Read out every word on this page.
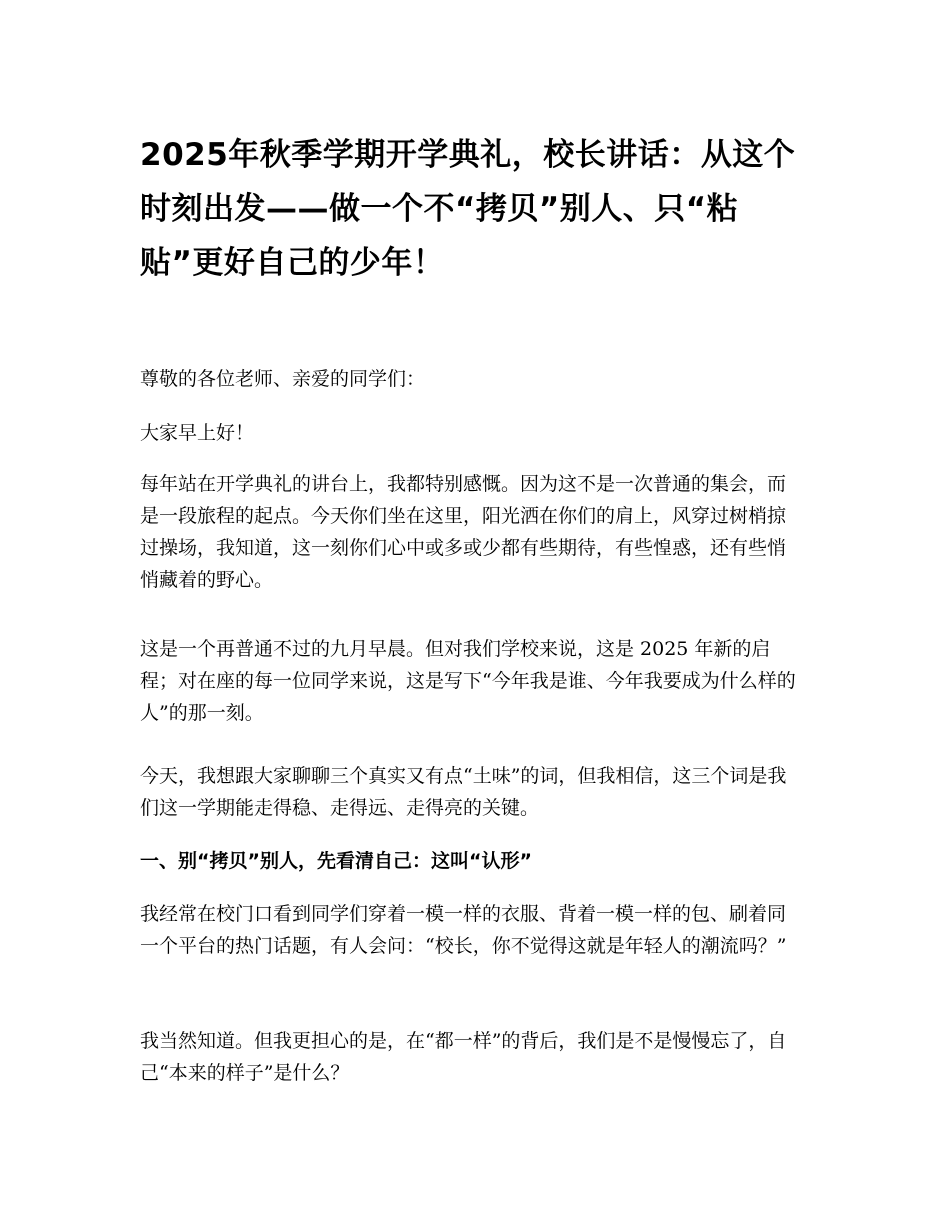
2025年秋季学期开学典礼，校长讲话：从这个时刻出发——做一个不“拷贝”别人、只“粘贴”更好自己的少年！

尊敬的各位老师、亲爱的同学们：

大家早上好！

每年站在开学典礼的讲台上，我都特别感慨。因为这不是一次普通的集会，而是一段旅程的起点。今天你们坐在这里，阳光洒在你们的肩上，风穿过树梢掠过操场，我知道，这一刻你们心中或多或少都有些期待，有些惶惑，还有些悄悄藏着的野心。

这是一个再普通不过的九月早晨。但对我们学校来说，这是 2025 年新的启程；对在座的每一位同学来说，这是写下“今年我是谁、今年我要成为什么样的人”的那一刻。

今天，我想跟大家聊聊三个真实又有点“土味”的词，但我相信，这三个词是我们这一学期能走得稳、走得远、走得亮的关键。

一、别“拷贝”别人，先看清自己：这叫“认形”

我经常在校门口看到同学们穿着一模一样的衣服、背着一模一样的包、刷着同一个平台的热门话题，有人会问：“校长，你不觉得这就是年轻人的潮流吗？”

我当然知道。但我更担心的是，在“都一样”的背后，我们是不是慢慢忘了，自己“本来的样子”是什么？
